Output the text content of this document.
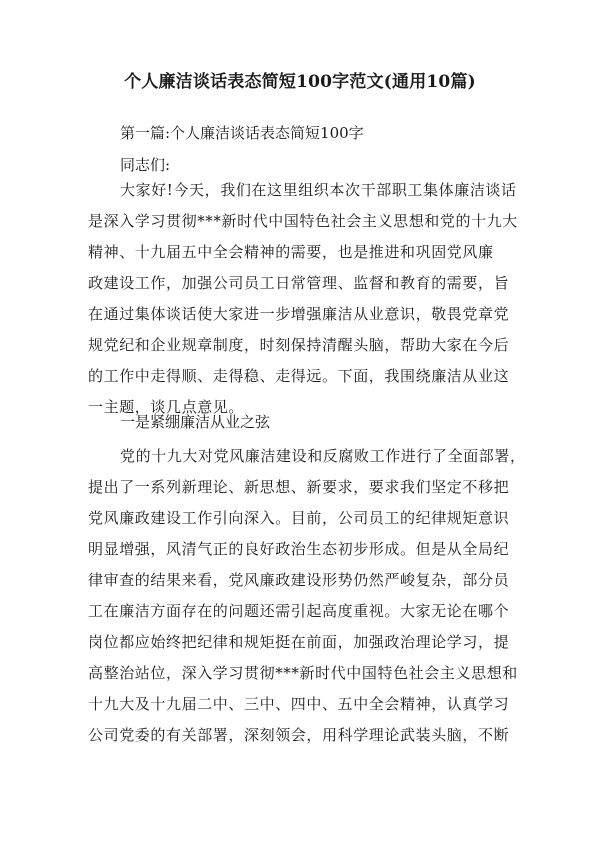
个人廉洁谈话表态简短100字范文(通用10篇)
第一篇:个人廉洁谈话表态简短100字
同志们:
大家好!今天，我们在这里组织本次干部职工集体廉洁谈话
是深入学习贯彻***新时代中国特色社会主义思想和党的十九大
精神、十九届五中全会精神的需要，也是推进和巩固党风廉
政建设工作，加强公司员工日常管理、监督和教育的需要，旨
在通过集体谈话使大家进一步增强廉洁从业意识，敬畏党章党
规党纪和企业规章制度，时刻保持清醒头脑，帮助大家在今后
的工作中走得顺、走得稳、走得远。下面，我围绕廉洁从业这
一主题，谈几点意见。
一是紧绷廉洁从业之弦
党的十九大对党风廉洁建设和反腐败工作进行了全面部署，
提出了一系列新理论、新思想、新要求，要求我们坚定不移把
党风廉政建设工作引向深入。目前，公司员工的纪律规矩意识
明显增强，风清气正的良好政治生态初步形成。但是从全局纪
律审查的结果来看，党风廉政建设形势仍然严峻复杂，部分员
工在廉洁方面存在的问题还需引起高度重视。大家无论在哪个
岗位都应始终把纪律和规矩挺在前面，加强政治理论学习，提
高整治站位，深入学习贯彻***新时代中国特色社会主义思想和
十九大及十九届二中、三中、四中、五中全会精神，认真学习
公司党委的有关部署，深刻领会，用科学理论武装头脑，不断
